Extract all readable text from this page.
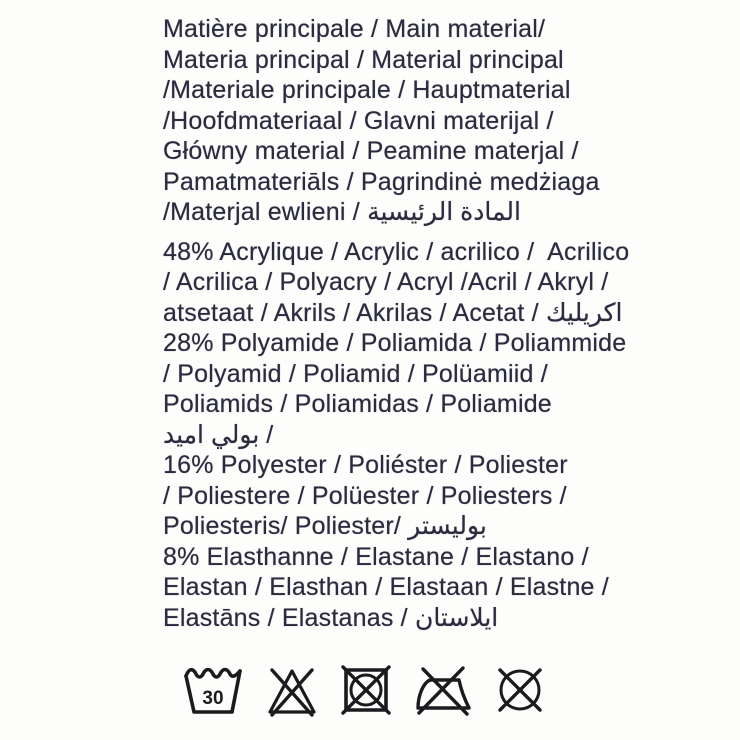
Matière principale / Main material/
Materia principal / Material principal
/Materiale principale / Hauptmaterial
/Hoofdmateriaal / Glavni materijal /
Główny material / Peamine materjal /
Pamatmateriāls / Pagrindinė medżiaga
/Materjal ewlieni / المادة الرئيسية
48% Acrylique / Acrylic / acrilico /  Acrilico
/ Acrilica / Polyacry / Acryl /Acril / Akryl /
atsetaat / Akrils / Akrilas / Acetat / اكريليك
28% Polyamide / Poliamida / Poliammide
/ Polyamid / Poliamid / Polüamiid /
Poliamids / Poliamidas / Poliamide
بولي اميد /
16% Polyester / Poliéster / Poliester
/ Poliestere / Polüester / Poliesters /
Poliesteris/ Poliester/ بوليستر
8% Elasthanne / Elastane / Elastano /
Elastan / Elasthan / Elastaan / Elastne /
Elastāns / Elastanas / ايلاستان
30
